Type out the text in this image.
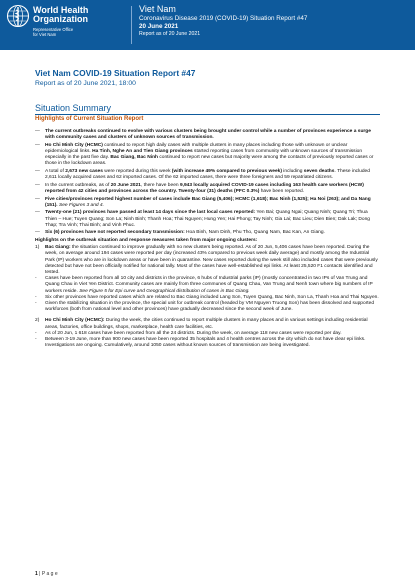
World Health
Organization
Representative Office
for Viet Nam
Viet Nam
Coronavirus Disease 2019 (COVID-19) Situation Report #47
20 June 2021
Report as of 20 June 2021
Viet Nam COVID-19 Situation Report #47
Report as of 20 June 2021, 18:00
Situation Summary
Highlights of Current Situation Report
— The current outbreaks continued to evolve with various clusters being brought under control while a number of provinces experience a surge with community cases and clusters of unknown sources of transmission.
— Ho Chi Minh City (HCMC) continued to report high daily cases with multiple clusters in many places including those with unknown or unclear epidemiological links. Ha Tinh, Nghe An and Tien Giang provinces started reporting cases from community with unknown sources of transmission especially in the past five day. Bac Giang, Bac Ninh continued to report new cases but majority were among the contacts of previously reported cases or those in the lockdown areas.
— A total of 2,673 new cases were reported during this week (with increase 49% compared to previous week) including seven deaths. These included 2,611 locally acquired cases and 62 imported cases. Of the 62 imported cases, there were three foreigners and 59 repatriated citizens.
— In the current outbreaks, as of 20 June 2021, there have been 9,943 locally acquired COVID-19 cases including 163 health care workers (HCW) reported from 42 cities and provinces across the country. Twenty-four (31) deaths (PFC 0.3%) have been reported.
— Five cities/provinces reported highest number of cases include Bac Giang (5,406); HCMC (1,618); Bac Ninh (1,525); Ha Noi (263); and Da Nang (151). See Figures 3 and 4.
— Twenty-one (21) provinces have passed at least 14 days since the last local cases reported: Yen Bai; Quang Ngai; Quang Ninh; Quang Tri; Thua Thien – Hue; Tuyen Quang; Son La; Ninh Binh; Thanh Hoa; Thai Nguyen; Hung Yen; Hai Phong; Tay Ninh; Gia Lai; Bac Lieu; Dien Bien; Dak Lak; Dong Thap; Tra Vinh; Thai Binh; and Vinh Phuc.
— Six (6) provinces have not reported secondary transmission: Hoa Binh, Nam Dinh, Phu Tho, Quang Nam, Bac Kan, An Giang.

Highlights on the outbreak situation and response measures taken from major ongoing clusters:

1) Bac Giang: the situation continued to improve gradually with no new clusters being reported. As of 20 Jun, 5,406 cases have been reported. During the week, on average around 194 cases were reported per day (increased 43% compared to previous week daily average) and mostly among the Industrial Park (IP) workers who are in lockdown areas or have been in quarantine. New cases reported during the week still also included cases that were previously detected but have not been officially notified for national tally. Most of the cases have well-established epi links. At least 25,520 F1 contacts identified and tested.
- Cases have been reported from all 10 city and districts in the province, 6 hubs of Industrial parks (IP) (mostly concentrated in two IPs of Van Trung and Quang Chau in Viet Yen District. Community cases are mainly from three communes of Quang Chau, Van Trung and Nenh town where big numbers of IP workers reside. See Figure 5 for Epi curve and Geographical distribution of cases in Bac Giang.
- Six other provinces have reported cases which are related to Bac Giang included Lang Son, Tuyen Quang, Bac Ninh, Son La, Thanh Hoa and Thai Nguyen.
- Given the stabilizing situation in the province, the special unit for outbreak control (headed by VM Nguyen Truong Son) has been dissolved and supported workforces (both from national level and other provinces) have gradually decreased since the second week of June.
2) Ho Chi Minh City (HCMC): During the week, the cities continued to report multiple clusters in many places and in various settings including residential areas, factories, office buildings, shops, marketplace, health care facilities, etc.
- As of 20 Jun, 1 618 cases have been reported from all the 24 districts. During the week, on average 118 new cases were reported per day.
- Between 3-19 June, more than 900 new cases have been reported 35 hospitals and 4 health centres across the city which do not have clear epi links. Investigations are ongoing. Cumulatively, around 1050 cases without known sources of transmission are being investigated.
1 | P a g e
